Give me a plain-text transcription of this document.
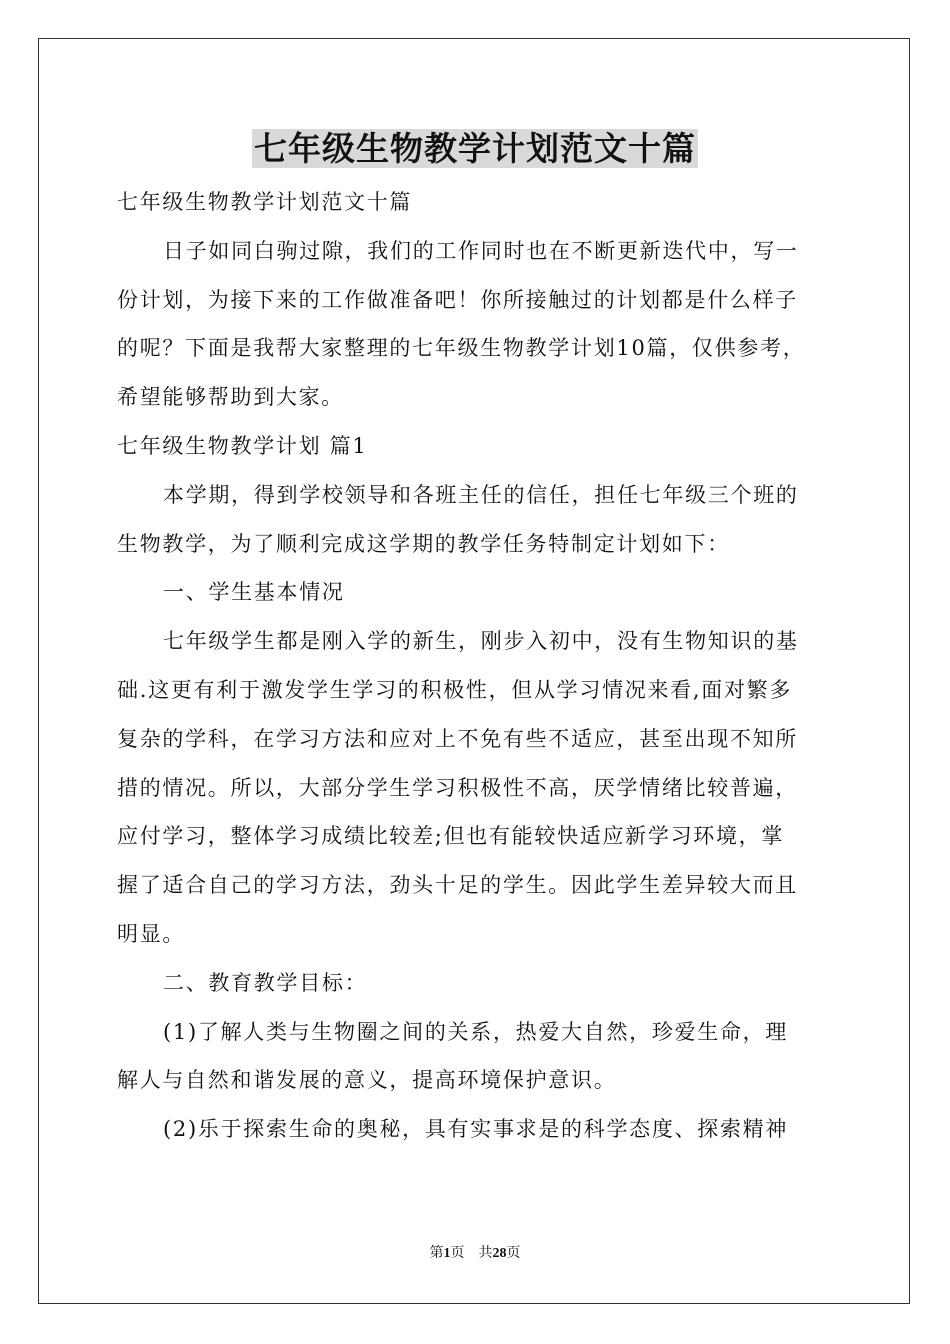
七年级生物教学计划范文十篇
七年级生物教学计划范文十篇
日子如同白驹过隙，我们的工作同时也在不断更新迭代中，写一
份计划，为接下来的工作做准备吧！你所接触过的计划都是什么样子
的呢？下面是我帮大家整理的七年级生物教学计划10篇，仅供参考，
希望能够帮助到大家。
七年级生物教学计划 篇1
本学期，得到学校领导和各班主任的信任，担任七年级三个班的
生物教学，为了顺利完成这学期的教学任务特制定计划如下：
一、学生基本情况
七年级学生都是刚入学的新生，刚步入初中，没有生物知识的基
础.这更有利于激发学生学习的积极性，但从学习情况来看,面对繁多
复杂的学科，在学习方法和应对上不免有些不适应，甚至出现不知所
措的情况。所以，大部分学生学习积极性不高，厌学情绪比较普遍，
应付学习，整体学习成绩比较差;但也有能较快适应新学习环境，掌
握了适合自己的学习方法，劲头十足的学生。因此学生差异较大而且
明显。
二、教育教学目标：
(1)了解人类与生物圈之间的关系，热爱大自然，珍爱生命，理
解人与自然和谐发展的意义，提高环境保护意识。
(2)乐于探索生命的奥秘，具有实事求是的科学态度、探索精神
第1页    共28页
